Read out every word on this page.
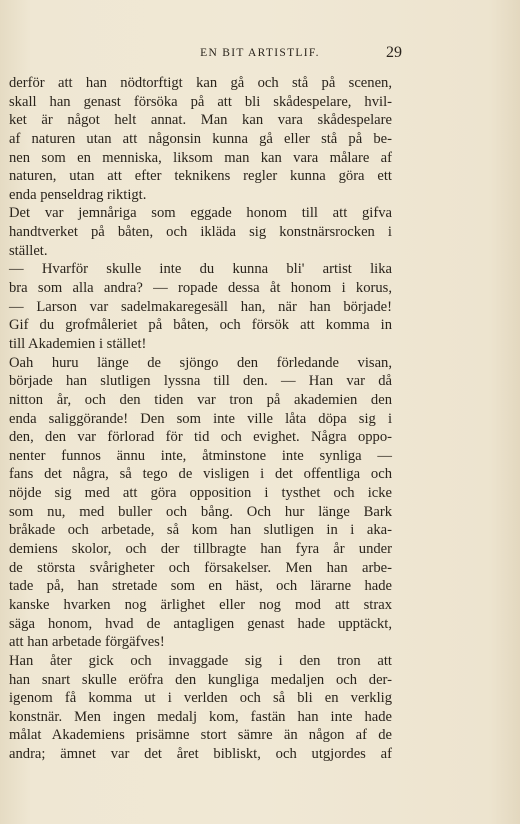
EN BIT ARTISTLIF.	29
derför att han nödtorftigt kan gå och stå på scenen,
skall han genast försöka på att bli skådespelare, hvil-
ket är något helt annat. Man kan vara skådespelare
af naturen utan att någonsin kunna gå eller stå på be-
nen som en menniska, liksom man kan vara målare af
naturen, utan att efter teknikens regler kunna göra ett
enda penseldrag riktigt.
Det var jemnåriga som eggade honom till att gifva
handtverket på båten, och ikläda sig konstnärsrocken i
stället.
— Hvarför skulle inte du kunna bli' artist lika
bra som alla andra? — ropade dessa åt honom i korus,
— Larson var sadelmakaregesäll han, när han började!
Gif du grofmåleriet på båten, och försök att komma in
till Akademien i stället!
Oah huru länge de sjöngo den förledande visan,
började han slutligen lyssna till den. — Han var då
nitton år, och den tiden var tron på akademien den
enda saliggörande! Den som inte ville låta döpa sig i
den, den var förlorad för tid och evighet. Några oppo-
nenter funnos ännu inte, åtminstone inte synliga —
fans det några, så tego de visligen i det offentliga och
nöjde sig med att göra opposition i tysthet och icke
som nu, med buller och bång. Och hur länge Bark
bråkade och arbetade, så kom han slutligen in i aka-
demiens skolor, och der tillbragte han fyra år under
de största svårigheter och försakelser. Men han arbe-
tade på, han stretade som en häst, och lärarne hade
kanske hvarken nog ärlighet eller nog mod att strax
säga honom, hvad de antagligen genast hade upptäckt,
att han arbetade förgäfves!
Han åter gick och invaggade sig i den tron att
han snart skulle eröfra den kungliga medaljen och der-
igenom få komma ut i verlden och så bli en verklig
konstnär. Men ingen medalj kom, fastän han inte hade
målat Akademiens prisämne stort sämre än någon af de
andra; ämnet var det året bibliskt, och utgjordes af
